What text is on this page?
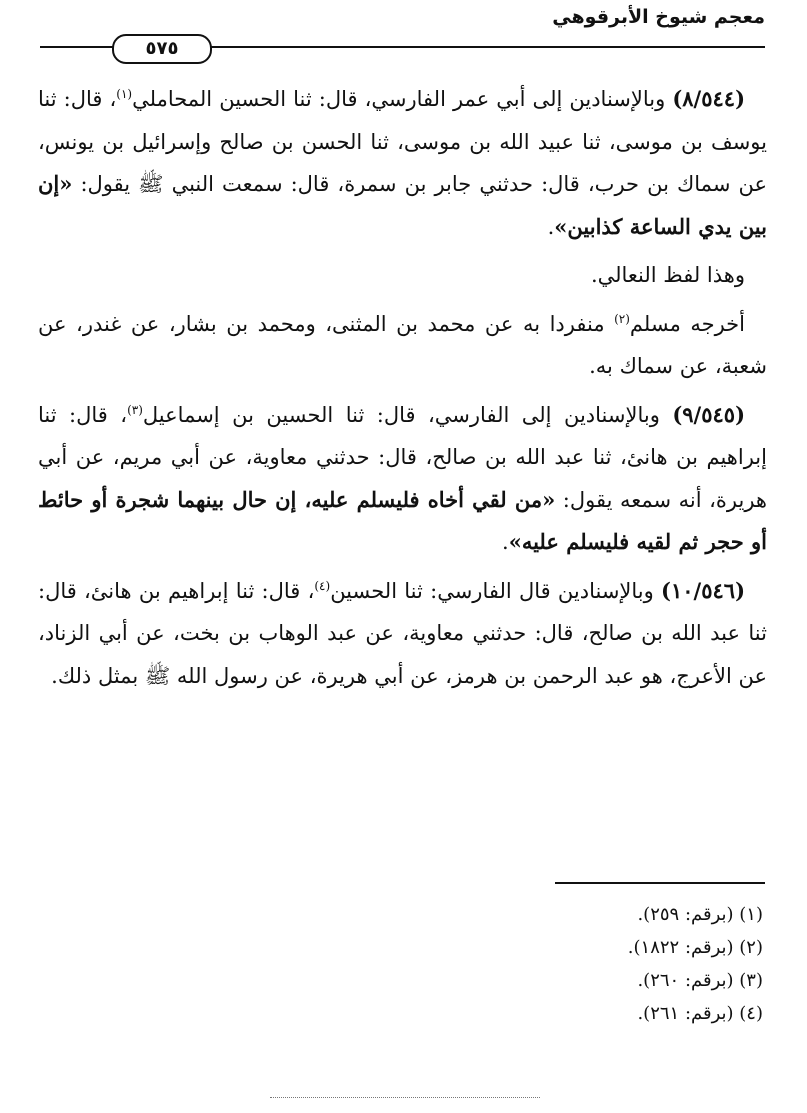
معجم شيوخ الأبرقوهي
٥٧٥

(٨/٥٤٤) وبالإسنادين إلى أبي عمر الفارسي، قال: ثنا الحسين المحاملي$^{(١)}$، قال: ثنا يوسف بن موسى، ثنا عبيد الله بن موسى، ثنا الحسن بن صالح وإسرائيل بن يونس، عن سماك بن حرب، قال: حدثني جابر بن سمرة، قال: سمعت النبي ﷺ يقول: «إن بين يدي الساعة كذابين».

وهذا لفظ النعالي.

أخرجه مسلم$^{(٢)}$ منفردا به عن محمد بن المثنى، ومحمد بن بشار، عن غندر، عن شعبة، عن سماك به.

(٩/٥٤٥) وبالإسنادين إلى الفارسي، قال: ثنا الحسين بن إسماعيل$^{(٣)}$، قال: ثنا إبراهيم بن هانئ، ثنا عبد الله بن صالح، قال: حدثني معاوية، عن أبي مريم، عن أبي هريرة، أنه سمعه يقول: «من لقي أخاه فليسلم عليه، إن حال بينهما شجرة أو حائط أو حجر ثم لقيه فليسلم عليه».

(١٠/٥٤٦) وبالإسنادين قال الفارسي: ثنا الحسين$^{(٤)}$، قال: ثنا إبراهيم بن هانئ، قال: ثنا عبد الله بن صالح، قال: حدثني معاوية، عن عبد الوهاب بن بخت، عن أبي الزناد، عن الأعرج، هو عبد الرحمن بن هرمز، عن أبي هريرة، عن رسول الله ﷺ بمثل ذلك.

(١) (برقم: ٢٥٩).

(٢) (برقم: ١٨٢٢).

(٣) (برقم: ٢٦٠).

(٤) (برقم: ٢٦١).
